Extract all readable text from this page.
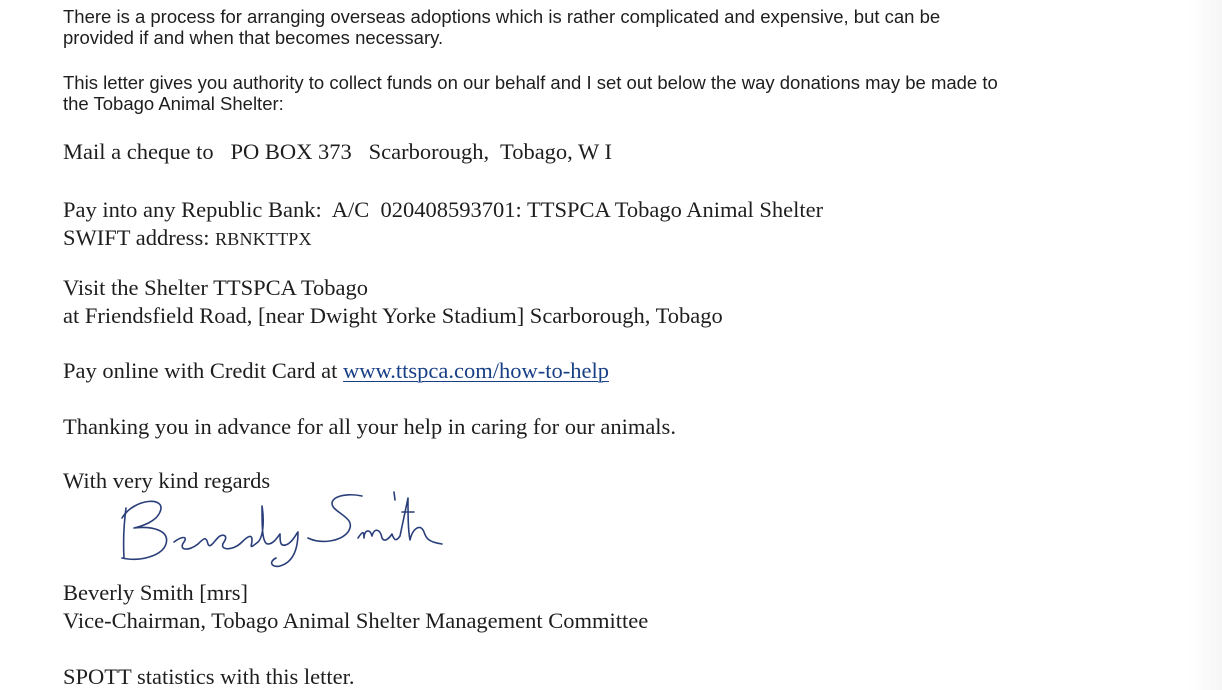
There is a process for arranging overseas adoptions which is rather complicated and expensive, but can be
provided if and when that becomes necessary.

This letter gives you authority to collect funds on our behalf and I set out below the way donations may be made to
the Tobago Animal Shelter:

Mail a cheque to   PO BOX 373   Scarborough,  Tobago, W I

Pay into any Republic Bank:  A/C  020408593701: TTSPCA Tobago Animal Shelter
SWIFT address: RBNKTTPX

Visit the Shelter TTSPCA Tobago
at Friendsfield Road, [near Dwight Yorke Stadium] Scarborough, Tobago

Pay online with Credit Card at www.ttspca.com/how-to-help

Thanking you in advance for all your help in caring for our animals.

With very kind regards

Beverly Smith [mrs]
Vice-Chairman, Tobago Animal Shelter Management Committee

SPOTT statistics with this letter.
